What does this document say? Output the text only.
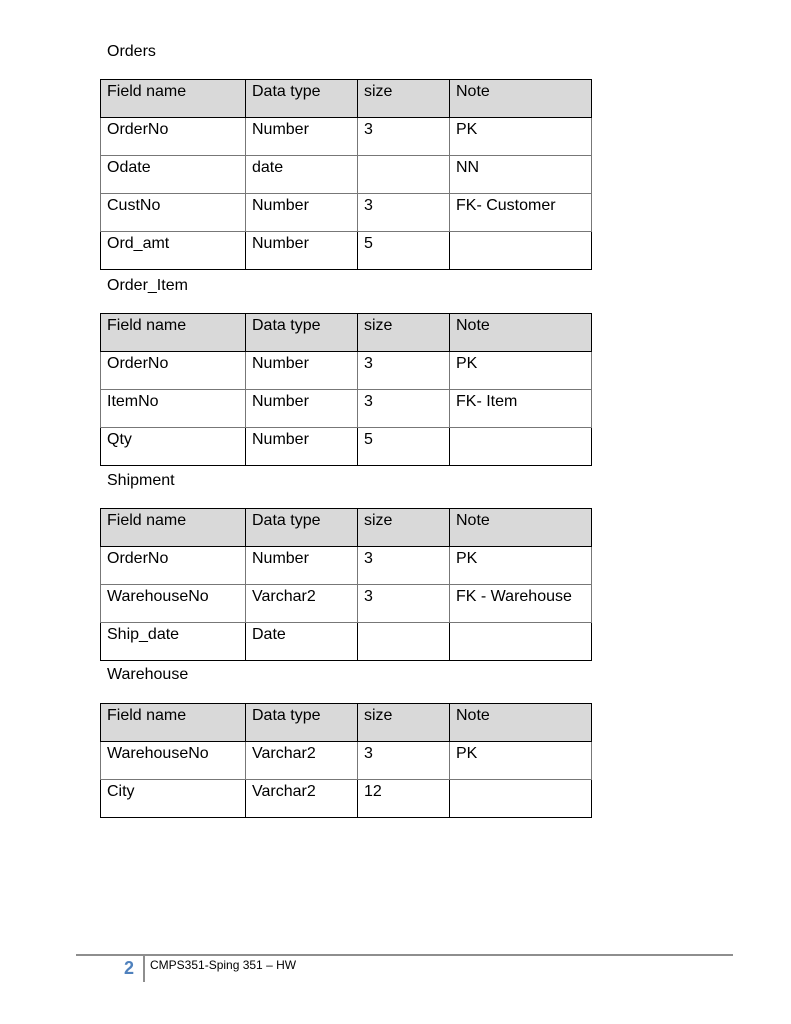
Orders

Field name	Data type	size	Note
OrderNo	Number	3	PK
Odate	date		NN
CustNo	Number	3	FK- Customer
Ord_amt	Number	5	

Order_Item

Field name	Data type	size	Note
OrderNo	Number	3	PK
ItemNo	Number	3	FK- Item
Qty	Number	5	

Shipment

Field name	Data type	size	Note
OrderNo	Number	3	PK
WarehouseNo	Varchar2	3	FK - Warehouse
Ship_date	Date		

Warehouse

Field name	Data type	size	Note
WarehouseNo	Varchar2	3	PK
City	Varchar2	12	
2 CMPS351-Sping 351 – HW
